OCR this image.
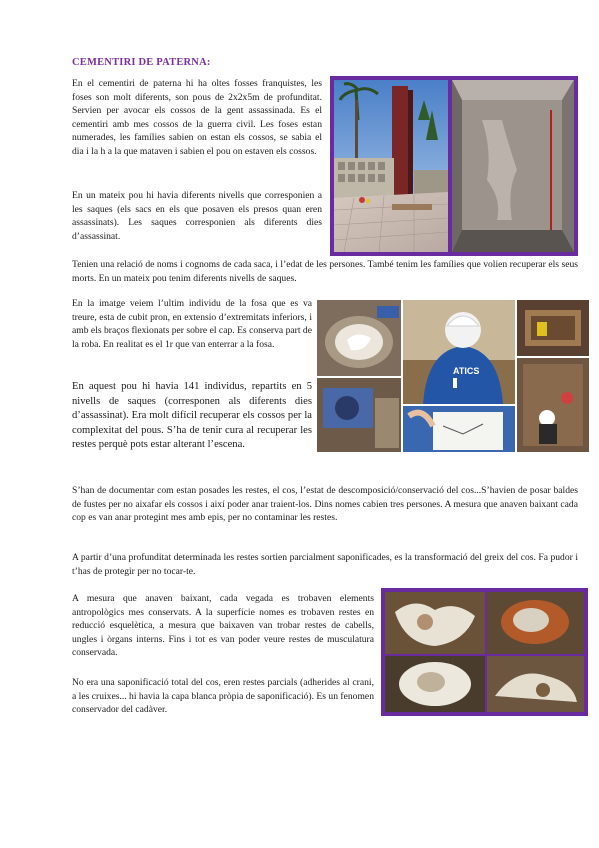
CEMENTIRI DE PATERNA:

En el cementiri de paterna hi ha oltes fosses franquistes, les foses son molt diferents, son pous de 2x2x5m de profunditat. Servien per avocar els cossos de la gent assassinada. Es el cementiri amb mes cossos de la guerra civil. Les foses estan numerades, les famílies sabien on estan els cossos, se sabia el dia i la h a la que mataven i sabien el pou on estaven els cossos.

En un mateix pou hi havia diferents nivells que corresponien a les saques (els sacs en els que posaven els presos quan eren assassinats). Les saques corresponien als diferents dies d’assassinat.

Tenien una relació de noms i cognoms de cada saca, i l’edat de les persones. També tenim les famílies que volien recuperar els seus morts. En un mateix pou tenim diferents nivells de saques.

En la imatge veiem l’ultim individu de la fosa que es va treure, esta de cubit pron, en extensio d’extremitats inferiors, i amb els braços flexionats per sobre el cap. Es conserva part de la roba. En realitat es el 1r que van enterrar a la fosa.

En aquest pou hi havia 141 individus, repartits en 5 nivells de saques (corresponen als diferents dies d’assassinat). Era molt difícil recuperar els cossos per la complexitat del pous. S’ha de tenir cura al recuperar les restes perquè pots estar alterant l’escena.

ATICS

S’han de documentar com estan posades les restes, el cos, l’estat de descomposició/conservació del cos...S’havien de posar baldes de fustes per no aixafar els cossos i així poder anar traient-los. Dins nomes cabien tres persones. A mesura que anaven baixant cada cop es van anar protegint mes amb epis, per no contaminar les restes.

A partir d’una profunditat determinada les restes sortien parcialment saponificades, es la transformació del greix del cos. Fa pudor i t’has de protegir per no tocar-te.

A mesura que anaven baixant, cada vegada es trobaven elements antropològics mes conservats. A la superfície nomes es trobaven restes en reducció esquelètica, a mesura que baixaven van trobar restes de cabells, ungles i òrgans interns. Fins i tot es van poder veure restes de musculatura conservada.

No era una saponificació total del cos, eren restes parcials (adherides al crani, a les cruixes... hi havia la capa blanca pròpia de saponificació). Es un fenomen conservador del cadàver.
